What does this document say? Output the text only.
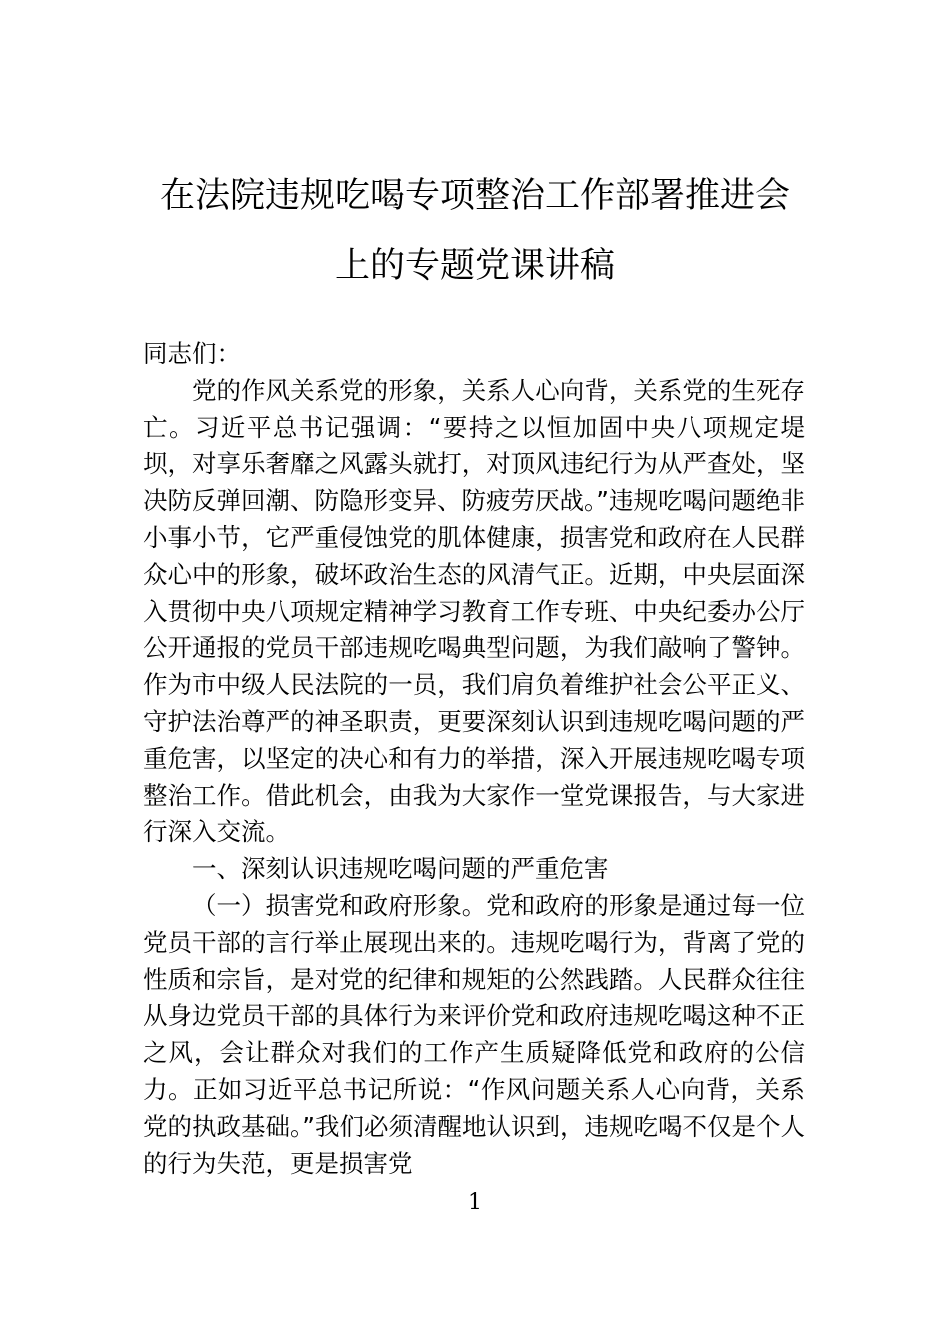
在法院违规吃喝专项整治工作部署推进会
上的专题党课讲稿

同志们：

党的作风关系党的形象，关系人心向背，关系党的生死存亡。习近平总书记强调：“要持之以恒加固中央八项规定堤坝，对享乐奢靡之风露头就打，对顶风违纪行为从严查处，坚决防反弹回潮、防隐形变异、防疲劳厌战。”违规吃喝问题绝非小事小节，它严重侵蚀党的肌体健康，损害党和政府在人民群众心中的形象，破坏政治生态的风清气正。近期，中央层面深入贯彻中央八项规定精神学习教育工作专班、中央纪委办公厅公开通报的党员干部违规吃喝典型问题，为我们敲响了警钟。作为市中级人民法院的一员，我们肩负着维护社会公平正义、守护法治尊严的神圣职责，更要深刻认识到违规吃喝问题的严重危害，以坚定的决心和有力的举措，深入开展违规吃喝专项整治工作。借此机会，由我为大家作一堂党课报告，与大家进行深入交流。

一、深刻认识违规吃喝问题的严重危害

（一）损害党和政府形象。党和政府的形象是通过每一位党员干部的言行举止展现出来的。违规吃喝行为，背离了党的性质和宗旨，是对党的纪律和规矩的公然践踏。人民群众往往从身边党员干部的具体行为来评价党和政府违规吃喝这种不正之风，会让群众对我们的工作产生质疑降低党和政府的公信力。正如习近平总书记所说：“作风问题关系人心向背，关系党的执政基础。”我们必须清醒地认识到，违规吃喝不仅是个人的行为失范，更是损害党

1
